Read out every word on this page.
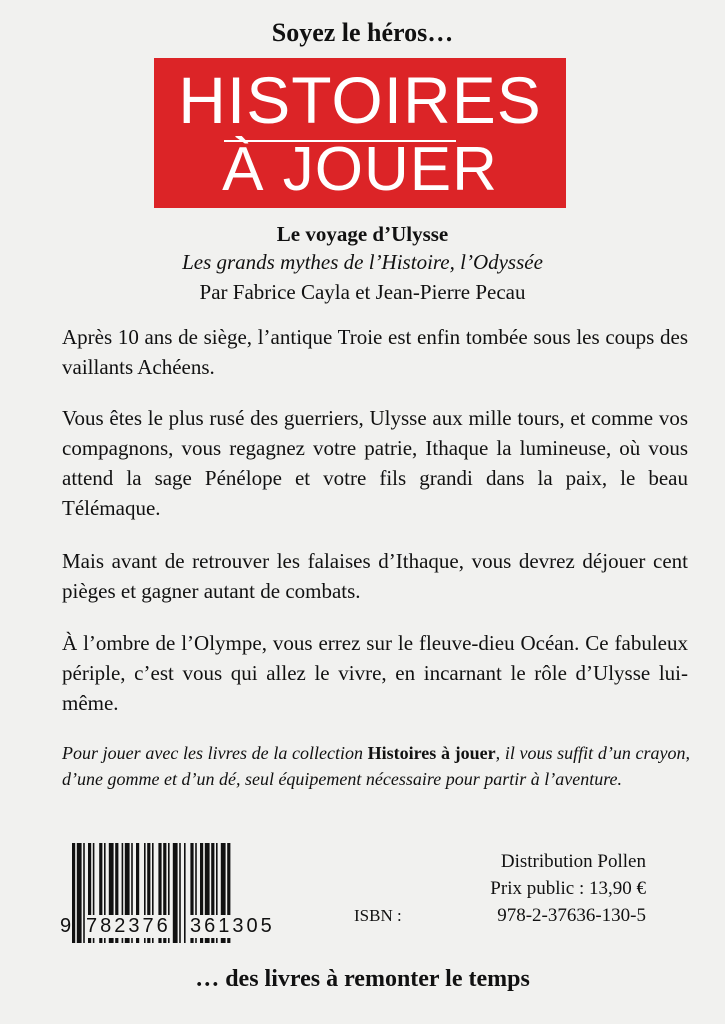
Soyez le héros…
HISTOIRES
À JOUER
Le voyage d’Ulysse
Les grands mythes de l’Histoire, l’Odyssée
Par Fabrice Cayla et Jean-Pierre Pecau

Après 10 ans de siège, l’antique Troie est enfin tombée sous les coups des vaillants Achéens.

Vous êtes le plus rusé des guerriers, Ulysse aux mille tours, et comme vos compagnons, vous regagnez votre patrie, Ithaque la lumineuse, où vous attend la sage Pénélope et votre fils grandi dans la paix, le beau Télémaque.

Mais avant de retrouver les falaises d’Ithaque, vous devrez déjouer cent pièges et gagner autant de combats.

À l’ombre de l’Olympe, vous errez sur le fleuve-dieu Océan. Ce fabuleux périple, c’est vous qui allez le vivre, en incarnant le rôle d’Ulysse lui-même.

Pour jouer avec les livres de la collection Histoires à jouer, il vous suffit d’un crayon, d’une gomme et d’un dé, seul équipement nécessaire pour partir à l’aventure.

9 782376 361305	ISBN :
Distribution Pollen
Prix public : 13,90 €
978-2-37636-130-5
… des livres à remonter le temps
